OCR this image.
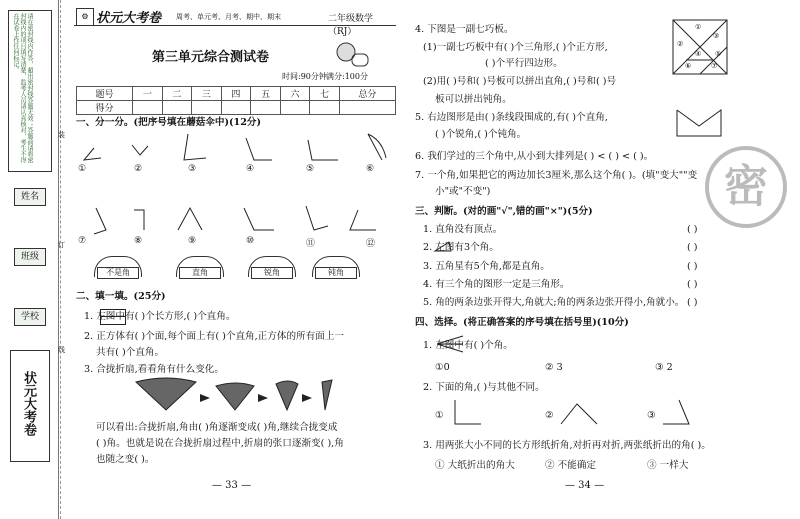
请在密封线内作答，超出密封线答题无效；答题前请将密封线内的项目填写清楚，监考人员请认真核对，考生不得在试卷上作任何标记。
姓名
班级
学校
状元大考卷
装
订
线
⚙ 状元大考卷 周考、单元考、月考、期中、期末	二年级数学（RJ）
第三单元综合测试卷
时间:90分钟 满分:100分
题号	一	二	三	四	五	六	七	总分
得分								
一、分一分。(把序号填在蘑菇伞中)(12分)
①	②	③	④	⑤	⑥
⑦	⑧	⑨	⑩	⑪	⑫
不是角	直角	锐角	钝角
二、填一填。(25分)
1. 左图中有( )个长方形,( )个直角。
2. 正方体有( )个面,每个面上有( )个直角,正方体的所有面上一
共有( )个直角。
3. 合拢折扇,看看角有什么变化。
可以看出:合拢折扇,角由( )角逐渐变成( )角,继续合拢变成
( )角。也就是说在合拢折扇过程中,折扇的张口逐渐变( ),角
也随之变( )。
— 33 —
4. 下图是一副七巧板。
(1)一副七巧板中有( )个三角形,( )个正方形,
( )个平行四边形。
(2)用( )号和( )号板可以拼出直角,( )号和( )号
板可以拼出钝角。
①
②
③
④ ⑤
⑥	⑦
5. 右边图形是由( )条线段围成的,有( )个直角,
( )个锐角,( )个钝角。
6. 我们学过的三个角中,从小到大排列是( ) < ( ) < ( )。
7. 一个角,如果把它的两边加长3厘米,那么这个角( )。(填"变大""变
小"或"不变")	密
三、判断。(对的画"√",错的画"×")(5分)
1. 直角没有顶点。
2. 左图有3个角。
3. 五角星有5个角,都是直角。
4. 有三个角的图形一定是三角形。
5. 角的两条边张开得大,角就大;角的两条边张开得小,角就小。
( )
( )
( )
( )
( )
四、选择。(将正确答案的序号填在括号里)(10分)
1. 左图中有( )个角。
①0	② 3	③ 2
2. 下面的角,( )与其他不同。
①	②	③
3. 用两张大小不同的长方形纸折角,对折再对折,两张纸折出的角( )。
① 大纸折出的角大	② 不能确定	③ 一样大
— 34 —
